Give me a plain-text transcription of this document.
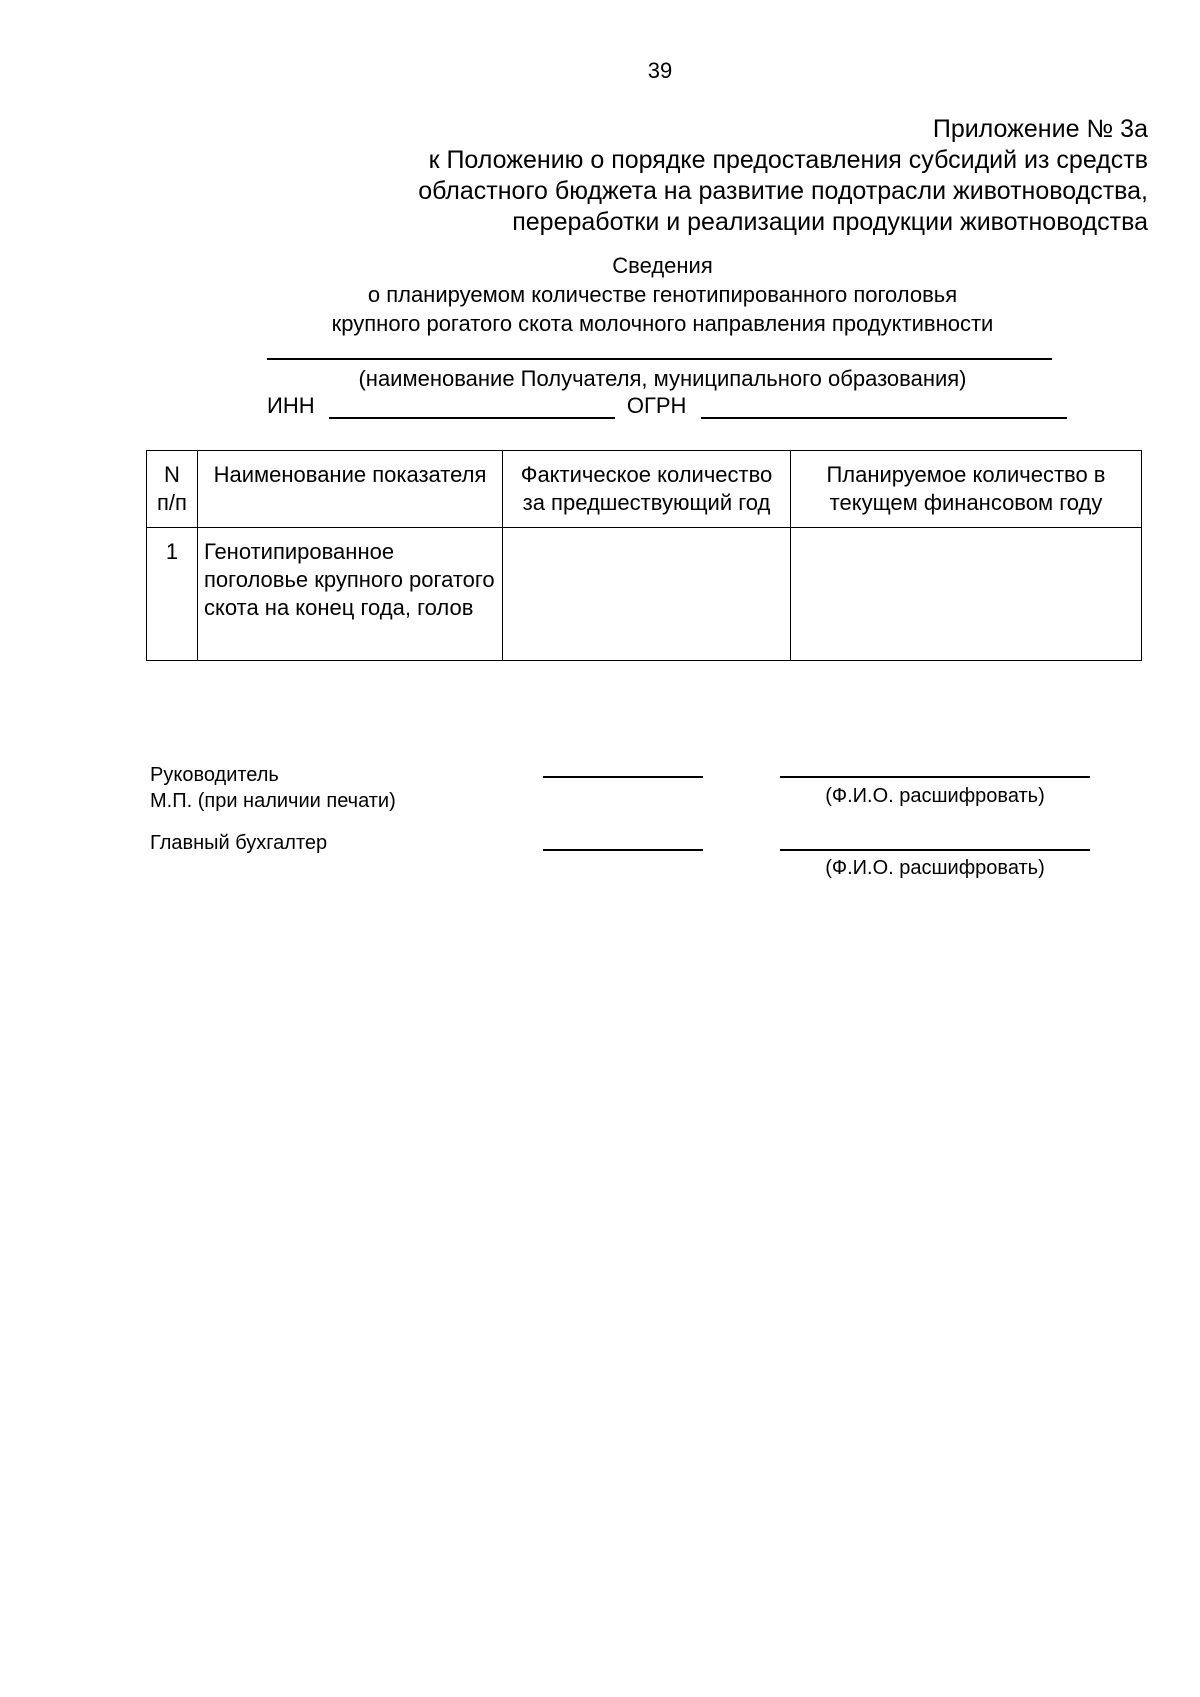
39
Приложение № 3а
к Положению о порядке предоставления субсидий из средств
областного бюджета на развитие подотрасли животноводства,
переработки и реализации продукции животноводства
Сведения
о планируемом количестве генотипированного поголовья
крупного рогатого скота молочного направления продуктивности
(наименование Получателя, муниципального образования)
ИНН	ОГРН
N п/п	Наименование показателя	Фактическое количество за предшествующий год	Планируемое количество в текущем финансовом году
1	Генотипированное поголовье крупного рогатого скота на конец года, голов		
Руководитель
М.П. (при наличии печати)	(Ф.И.О. расшифровать)
Главный бухгалтер
(Ф.И.О. расшифровать)
